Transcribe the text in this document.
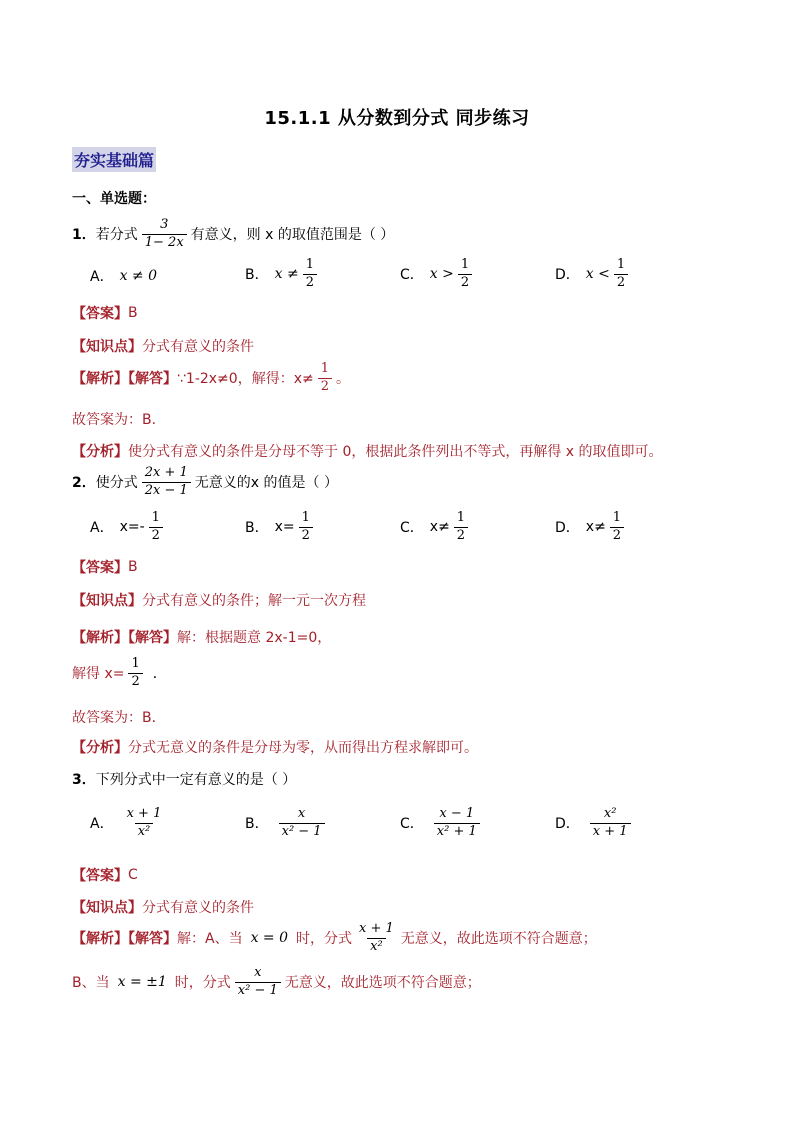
15.1.1 从分数到分式 同步练习
夯实基础篇
一、单选题：
1． 若分式 $\frac{3}{1- 2x}$ 有意义，则 x 的取值范围是（ ）
A． x ≠ 0	B． $x \ne \frac{1}{2}$	C． $x > \frac{1}{2}$	D． $x < \frac{1}{2}$
【答案】 B
【知识点】 分式有意义的条件
【解析】【解答】 ∵1-2x≠0，解得：$x\ne \frac{1}{2}$ 。
故答案为：B.
【分析】 使分式有意义的条件是分母不等于 0，根据此条件列出不等式，再解得 x 的取值即可。
2． 使分式 $\frac{2x + 1}{2x - 1}$ 无意义的x 的值是（ ）
A． $x=- \frac{1}{2}$	B． $x= \frac{1}{2}$	C． $x\ne \frac{1}{2}$	D． $x\ne \frac{1}{2}$
【答案】 B
【知识点】 分式有意义的条件；解一元一次方程
【解析】【解答】 解：根据题意 2x-1=0，
解得 $x= \frac{1}{2}$ ．
故答案为：B．
【分析】 分式无意义的条件是分母为零，从而得出方程求解即可。
3． 下列分式中一定有意义的是（ ）
A． $\frac{x + 1}{\text{x²}}$	B． $\frac{x}{\text{x² − 1}}$	C． $\frac{x - 1}{\text{x² + 1}}$	D． $\frac{\text{x²}}{x + 1}$
【答案】 C
【知识点】 分式有意义的条件
【解析】【解答】 解：A、当 x = 0 时，分式 $\frac{x + 1}{\text{x²}}$ 无意义，故此选项不符合题意；
B、当 x = ±1 时，分式 $\frac{x}{\text{x² − 1}}$ 无意义，故此选项不符合题意；
